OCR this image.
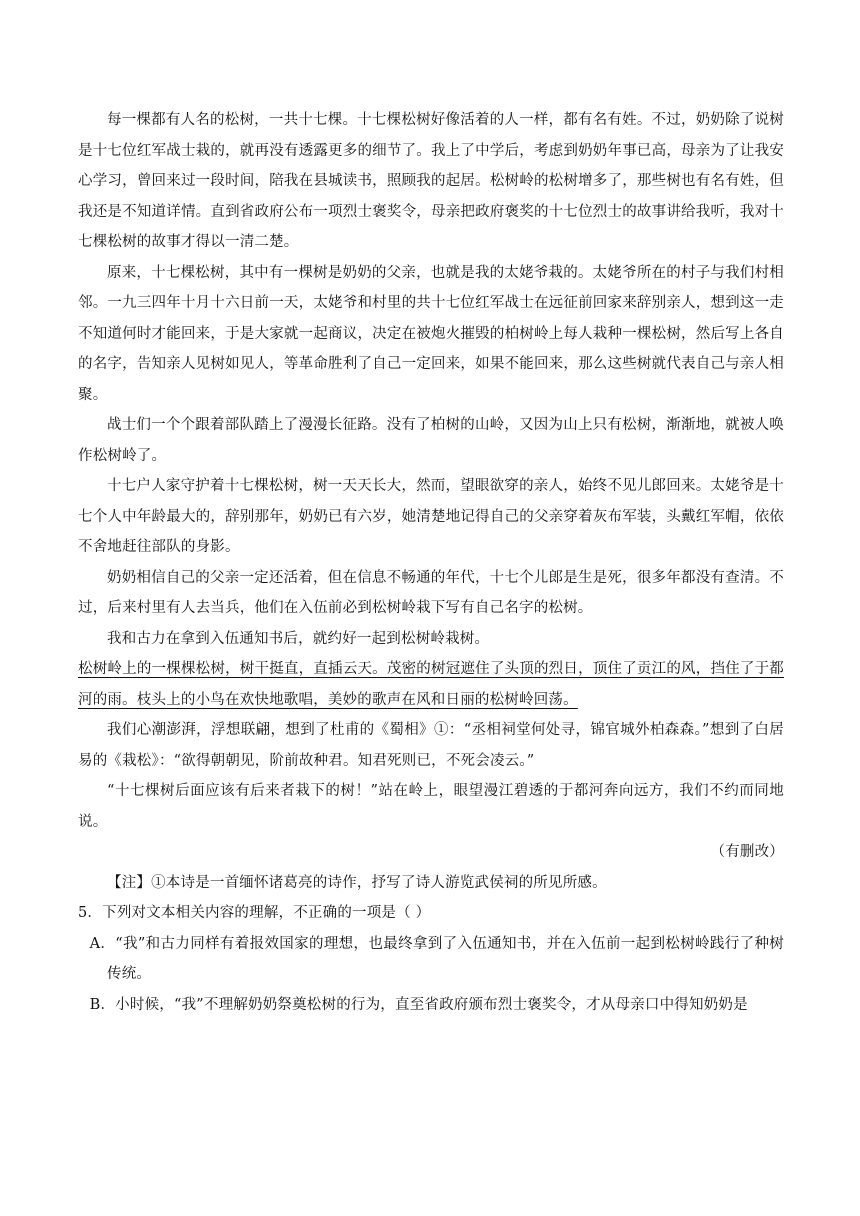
每一棵都有人名的松树，一共十七棵。十七棵松树好像活着的人一样，都有名有姓。不过，奶奶除了说树是十七位红军战士栽的，就再没有透露更多的细节了。我上了中学后，考虑到奶奶年事已高，母亲为了让我安心学习，曾回来过一段时间，陪我在县城读书，照顾我的起居。松树岭的松树增多了，那些树也有名有姓，但我还是不知道详情。直到省政府公布一项烈士褒奖令，母亲把政府褒奖的十七位烈士的故事讲给我听，我对十七棵松树的故事才得以一清二楚。

原来，十七棵松树，其中有一棵树是奶奶的父亲，也就是我的太姥爷栽的。太姥爷所在的村子与我们村相邻。一九三四年十月十六日前一天，太姥爷和村里的共十七位红军战士在远征前回家来辞别亲人，想到这一走不知道何时才能回来，于是大家就一起商议，决定在被炮火摧毁的柏树岭上每人栽种一棵松树，然后写上各自的名字，告知亲人见树如见人，等革命胜利了自己一定回来，如果不能回来，那么这些树就代表自己与亲人相聚。

战士们一个个跟着部队踏上了漫漫长征路。没有了柏树的山岭，又因为山上只有松树，渐渐地，就被人唤作松树岭了。

十七户人家守护着十七棵松树，树一天天长大，然而，望眼欲穿的亲人，始终不见儿郎回来。太姥爷是十七个人中年龄最大的，辞别那年，奶奶已有六岁，她清楚地记得自己的父亲穿着灰布军装，头戴红军帽，依依不舍地赶往部队的身影。

奶奶相信自己的父亲一定还活着，但在信息不畅通的年代，十七个儿郎是生是死，很多年都没有查清。不过，后来村里有人去当兵，他们在入伍前必到松树岭栽下写有自己名字的松树。

我和古力在拿到入伍通知书后，就约好一起到松树岭栽树。

松树岭上的一棵棵松树，树干挺直，直插云天。茂密的树冠遮住了头顶的烈日，顶住了贡江的风，挡住了于都河的雨。枝头上的小鸟在欢快地歌唱，美妙的歌声在风和日丽的松树岭回荡。

我们心潮澎湃，浮想联翩，想到了杜甫的《蜀相》①：“丞相祠堂何处寻，锦官城外柏森森。”想到了白居易的《栽松》：“欲得朝朝见，阶前故种君。知君死则已，不死会凌云。”

“十七棵树后面应该有后来者栽下的树！”站在岭上，眼望漫江碧透的于都河奔向远方，我们不约而同地说。

（有删改）

【注】①本诗是一首缅怀诸葛亮的诗作，抒写了诗人游览武侯祠的所见所感。

5．下列对文本相关内容的理解，不正确的一项是（ ）

A．“我”和古力同样有着报效国家的理想，也最终拿到了入伍通知书，并在入伍前一起到松树岭践行了种树传统。

B．小时候，“我”不理解奶奶祭奠松树的行为，直至省政府颁布烈士褒奖令，才从母亲口中得知奶奶是
